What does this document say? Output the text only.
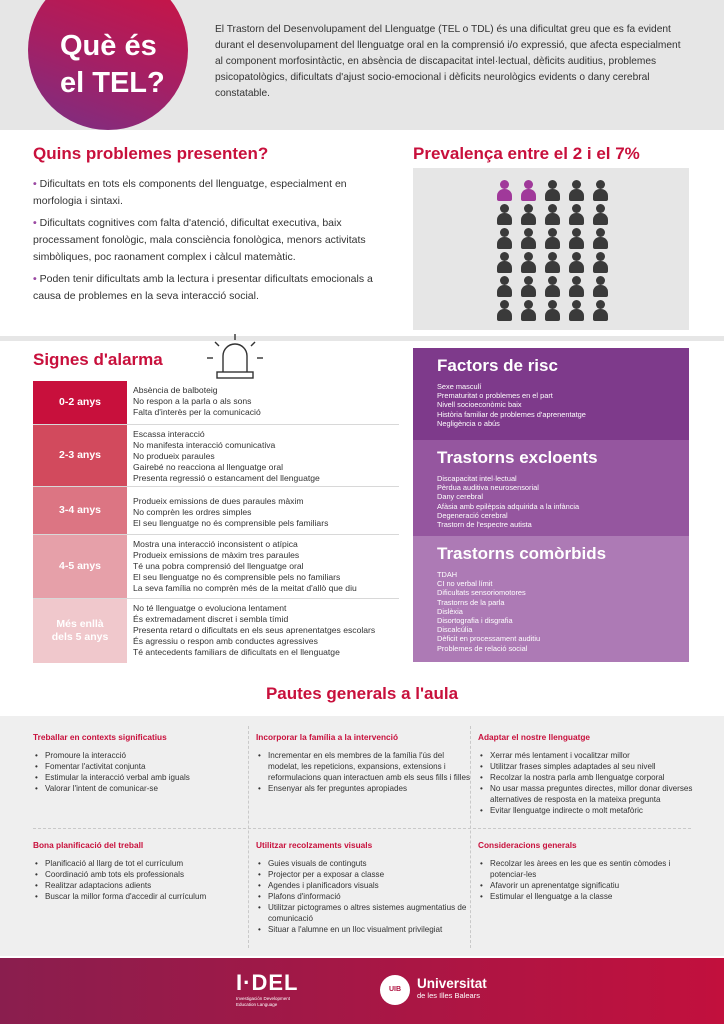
Què és
el TEL?
El Trastorn del Desenvolupament del Llenguatge (TEL o TDL) és una dificultat greu que es fa evident durant el desenvolupament del llenguatge oral en la comprensió i/o expressió, que afecta especialment al component morfosintàctic, en absència de discapacitat intel·lectual, dèficits auditius, problemes psicopatològics, dificultats d'ajust socio-emocional i dèficits neurològics evidents o dany cerebral constatable.
Quins problemes presenten?

• Dificultats en tots els components del llenguatge, especialment en morfologia i sintaxi.

• Dificultats cognitives com falta d'atenció, dificultat executiva, baix processament fonològic, mala consciència fonològica, menors activitats simbòliques, poc raonament complex i càlcul matemàtic.

• Poden tenir dificultats amb la lectura i presentar dificultats emocionals a causa de problemes en la seva interacció social.

Prevalença entre el 2 i el 7%
Signes d'alarma
0-2 anys
Absència de balboteig
No respon a la parla o als sons
Falta d'interès per la comunicació
2-3 anys
Escassa interacció
No manifesta interacció comunicativa
No produeix paraules
Gairebé no reacciona al llenguatge oral
Presenta regressió o estancament del llenguatge
3-4 anys
Produeix emissions de dues paraules màxim
No comprèn les ordres simples
El seu llenguatge no és comprensible pels familiars
4-5 anys
Mostra una interacció inconsistent o atípica
Produeix emissions de màxim tres paraules
Té una pobra comprensió del llenguatge oral
El seu llenguatge no és comprensible pels no familiars
La seva família no comprèn més de la meitat d'allò que diu
Més enllà
dels 5 anys
No té llenguatge o evoluciona lentament
És extremadament discret i sembla tímid
Presenta retard o dificultats en els seus aprenentatges escolars
És agressiu o respon amb conductes agressives
Té antecedents familiars de dificultats en el llenguatge
Factors de risc
Sexe masculí
Prematuritat o problemes en el part
Nivell socioeconòmic baix
Història familiar de problemes d'aprenentatge
Negligència o abús
Trastorns excloents
Discapacitat intel·lectual
Pèrdua auditiva neurosensorial
Dany cerebral
Afàsia amb epilèpsia adquirida a la infància
Degeneració cerebral
Trastorn de l'espectre autista
Trastorns comòrbids
TDAH
CI no verbal límit
Dificultats sensoriomotores
Trastorns de la parla
Dislèxia
Disortografia i disgrafia
Discalcúlia
Dèficit en processament auditiu
Problemes de relació social
Pautes generals a l'aula
Treballar en contexts significatius
• Promoure la interacció
• Fomentar l'activitat conjunta
• Estimular la interacció verbal amb iguals
• Valorar l'intent de comunicar-se
Incorporar la família a la intervenció
• Incrementar en els membres de la família l'ús del modelat, les repeticions, expansions, extensions i reformulacions quan interactuen amb els seus fills i filles
• Ensenyar als fer preguntes apropiades
Adaptar el nostre llenguatge
• Xerrar més lentament i vocalitzar millor
• Utilitzar frases simples adaptades al seu nivell
• Recolzar la nostra parla amb llenguatge corporal
• No usar massa preguntes directes, millor donar diverses alternatives de resposta en la mateixa pregunta
• Evitar llenguatge indirecte o molt metafòric
Bona planificació del treball
• Planificació al llarg de tot el currículum
• Coordinació amb tots els professionals
• Realitzar adaptacions adients
• Buscar la millor forma d'accedir al currículum
Utilitzar recolzaments visuals
• Guies visuals de continguts
• Projector per a exposar a classe
• Agendes i planificadors visuals
• Plafons d'informació
• Utilitzar pictogrames o altres sistemes augmentatius de comunicació
• Situar a l'alumne en un lloc visualment privilegiat
Consideracions generals
• Recolzar les àrees en les que es sentin còmodes i potenciar-les
• Afavorir un aprenentatge significatiu
• Estimular el llenguatge a la classe
I·DEL
Investigación Development
Education Language
UIB	Universitat
de les Illes Balears
